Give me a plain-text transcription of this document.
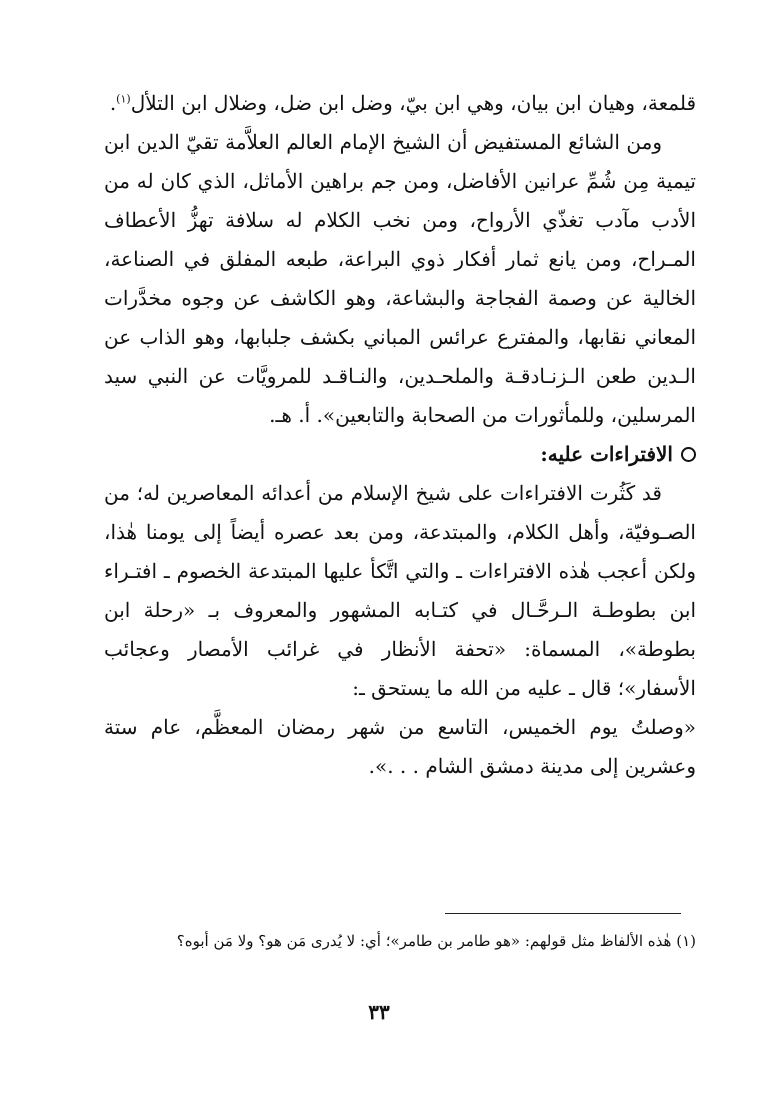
قلمعة، وهيان ابن بيان، وهي ابن بيّ، وضل ابن ضل، وضلال ابن التلأل$^{(١)}$.

ومن الشائع المستفيض أن الشيخ الإمام العالم العلاَّمة تقيّ الدين ابن تيمية مِن شُمِّ عرانين الأفاضل، ومن جم براهين الأماثل، الذي كان له من الأدب مآدب تغذّي الأرواح، ومن نخب الكلام له سلافة تهزُّ الأعطاف المـراح، ومن يانع ثمار أفكار ذوي البراعة، طبعه المفلق في الصناعة، الخالية عن وصمة الفجاجة والبشاعة، وهو الكاشف عن وجوه مخدَّرات المعاني نقابها، والمفترع عرائس المباني بكشف جلبابها، وهو الذاب عن الـدين طعن الـزنـادقـة والملحـدين، والنـاقـد للمرويَّات عن النبي سيد المرسلين، وللمأثورات من الصحابة والتابعين». أ. هـ.

الافتراءات عليه:

قد كَثُرت الافتراءات على شيخ الإسلام من أعدائه المعاصرين له؛ من الصـوفيّة، وأهل الكلام، والمبتدعة، ومن بعد عصره أيضاً إلى يومنا هٰذا، ولكن أعجب هٰذه الافتراءات ـ والتي اتَّكأ عليها المبتدعة الخصوم ـ افتـراء ابن بطوطـة الـرحَّـال في كتـابه المشهور والمعروف بـ «رحلة ابن بطوطة»، المسماة: «تحفة الأنظار في غرائب الأمصار وعجائب الأسفار»؛ قال ـ عليه من الله ما يستحق ـ:

«وصلتُ يوم الخميس، التاسع من شهر رمضان المعظَّم، عام ستة وعشرين إلى مدينة دمشق الشام . . .».

(١) هٰذه الألفاظ مثل قولهم: «هو طامر بن طامر»؛ أي: لا يُدرى مَن هو؟ ولا مَن أبوه؟
٣٣
